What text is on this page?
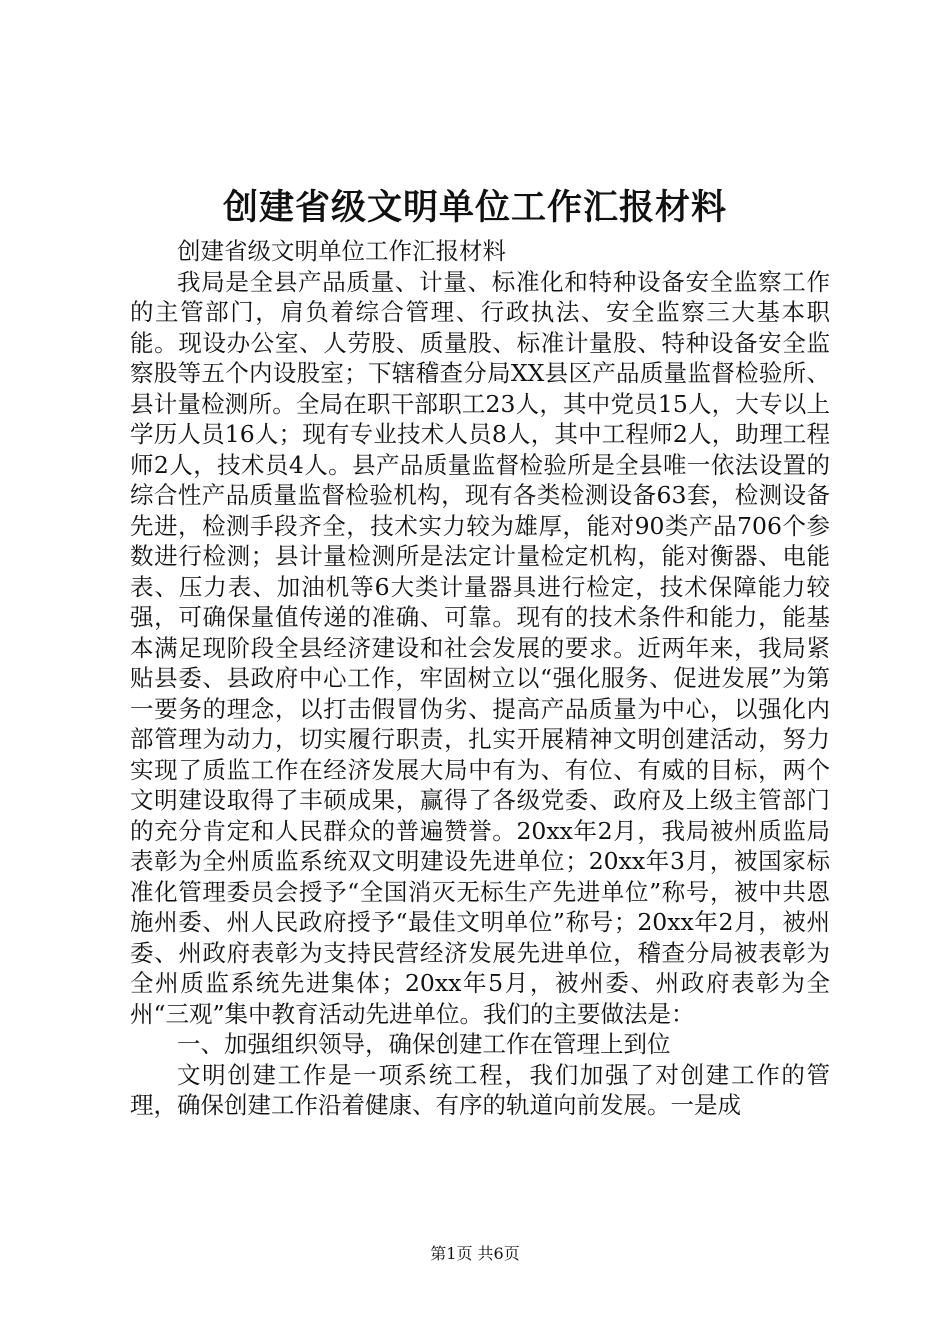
创建省级文明单位工作汇报材料

创建省级文明单位工作汇报材料

我局是全县产品质量、计量、标准化和特种设备安全监察工作的主管部门，肩负着综合管理、行政执法、安全监察三大基本职能。现设办公室、人劳股、质量股、标准计量股、特种设备安全监察股等五个内设股室；下辖稽查分局XX县区产品质量监督检验所、县计量检测所。全局在职干部职工23人，其中党员15人，大专以上学历人员16人；现有专业技术人员8人，其中工程师2人，助理工程师2人，技术员4人。县产品质量监督检验所是全县唯一依法设置的综合性产品质量监督检验机构，现有各类检测设备63套，检测设备先进，检测手段齐全，技术实力较为雄厚，能对90类产品706个参数进行检测；县计量检测所是法定计量检定机构，能对衡器、电能表、压力表、加油机等6大类计量器具进行检定，技术保障能力较强，可确保量值传递的准确、可靠。现有的技术条件和能力，能基本满足现阶段全县经济建设和社会发展的要求。近两年来，我局紧贴县委、县政府中心工作，牢固树立以“强化服务、促进发展”为第一要务的理念，以打击假冒伪劣、提高产品质量为中心，以强化内部管理为动力，切实履行职责，扎实开展精神文明创建活动，努力实现了质监工作在经济发展大局中有为、有位、有威的目标，两个文明建设取得了丰硕成果，赢得了各级党委、政府及上级主管部门的充分肯定和人民群众的普遍赞誉。20xx年2月，我局被州质监局表彰为全州质监系统双文明建设先进单位；20xx年3月，被国家标准化管理委员会授予“全国消灭无标生产先进单位”称号，被中共恩施州委、州人民政府授予“最佳文明单位”称号；20xx年2月，被州委、州政府表彰为支持民营经济发展先进单位，稽查分局被表彰为全州质监系统先进集体；20xx年5月，被州委、州政府表彰为全州“三观”集中教育活动先进单位。我们的主要做法是：

一、加强组织领导，确保创建工作在管理上到位

文明创建工作是一项系统工程，我们加强了对创建工作的管理，确保创建工作沿着健康、有序的轨道向前发展。一是成

第1页 共6页
